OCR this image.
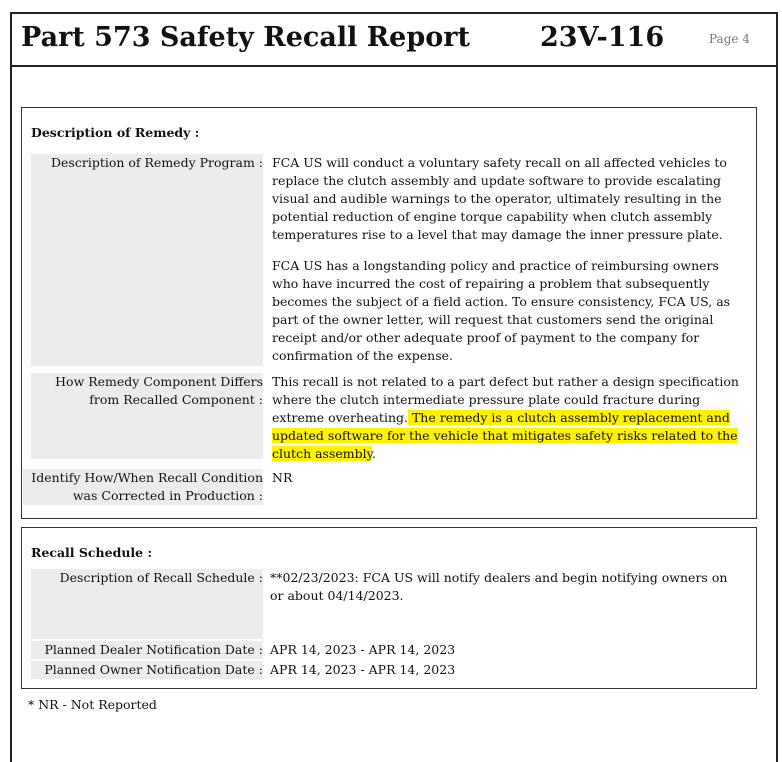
Part 573 Safety Recall Report	23V-116	Page 4
Description of Remedy :
Description of Remedy Program : FCA US will conduct a voluntary safety recall on all affected vehicles to replace the clutch assembly and update software to provide escalating visual and audible warnings to the operator, ultimately resulting in the potential reduction of engine torque capability when clutch assembly temperatures rise to a level that may damage the inner pressure plate.

FCA US has a longstanding policy and practice of reimbursing owners who have incurred the cost of repairing a problem that subsequently becomes the subject of a field action. To ensure consistency, FCA US, as part of the owner letter, will request that customers send the original receipt and/or other adequate proof of payment to the company for confirmation of the expense.

How Remedy Component Differs from Recalled Component :
This recall is not related to a part defect but rather a design specification where the clutch intermediate pressure plate could fracture during extreme overheating. The remedy is a clutch assembly replacement and updated software for the vehicle that mitigates safety risks related to the clutch assembly.
Identify How/When Recall Condition was Corrected in Production :
NR
Recall Schedule :
Description of Recall Schedule : **02/23/2023: FCA US will notify dealers and begin notifying owners on or about 04/14/2023.
Planned Dealer Notification Date : APR 14, 2023 - APR 14, 2023
Planned Owner Notification Date : APR 14, 2023 - APR 14, 2023
* NR - Not Reported
